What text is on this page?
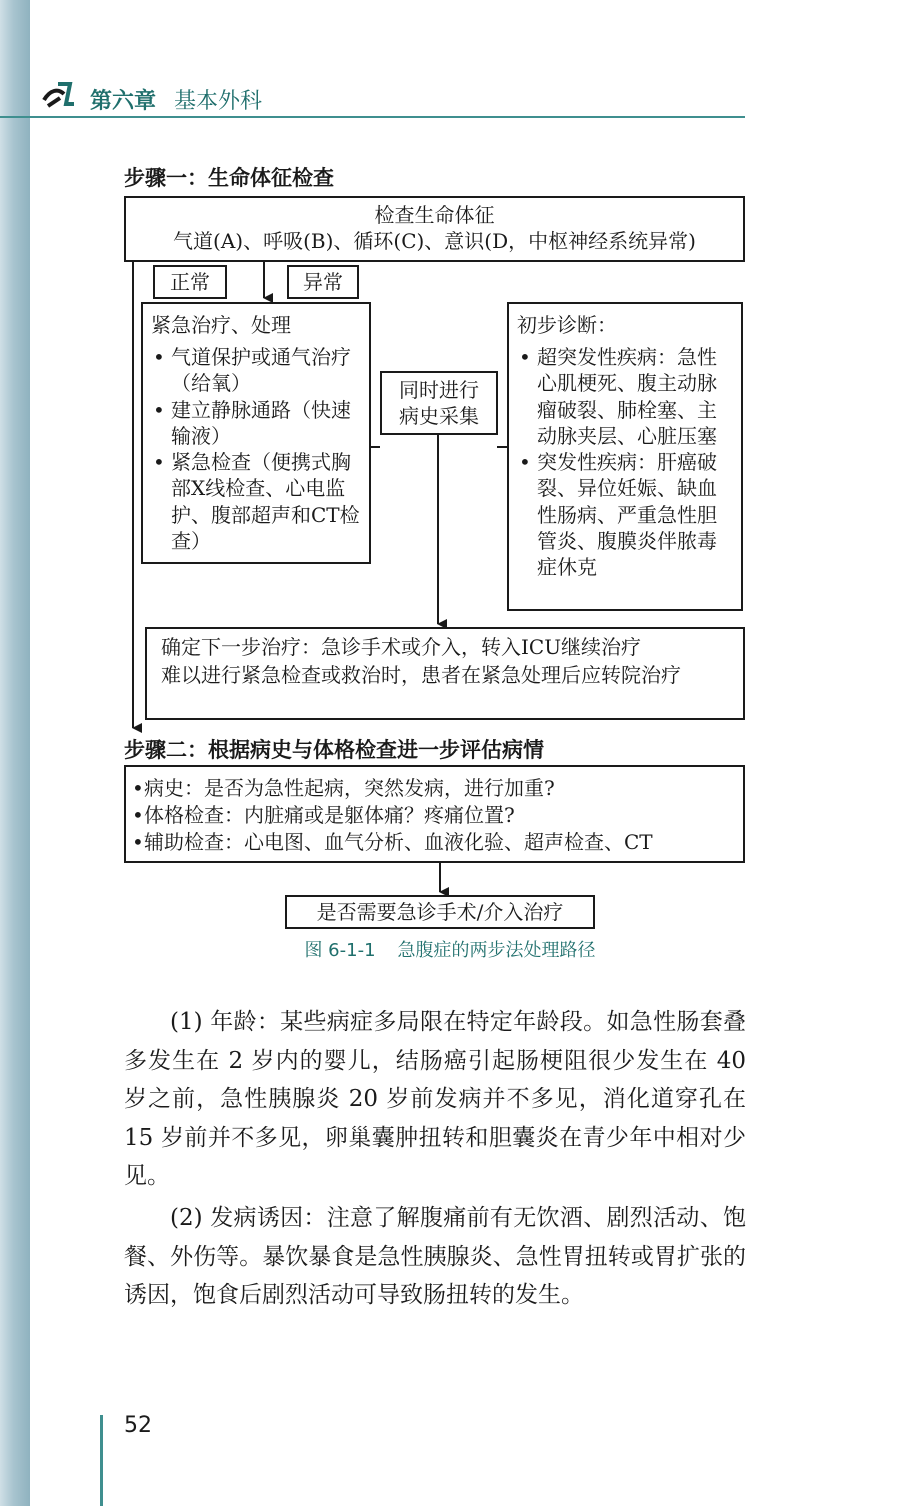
第六章 基本外科
步骤一：生命体征检查
检查生命体征
气道(A)、呼吸(B)、循环(C)、意识(D，中枢神经系统异常)
正常	异常
紧急治疗、处理
• 气道保护或通气治疗（给氧）
• 建立静脉通路（快速输液）
• 紧急检查（便携式胸部X线检查、心电监护、腹部超声和CT检查）
同时进行
病史采集
初步诊断：
• 超突发性疾病：急性心肌梗死、腹主动脉瘤破裂、肺栓塞、主动脉夹层、心脏压塞
• 突发性疾病：肝癌破裂、异位妊娠、缺血性肠病、严重急性胆管炎、腹膜炎伴脓毒症休克
确定下一步治疗：急诊手术或介入，转入ICU继续治疗
难以进行紧急检查或救治时，患者在紧急处理后应转院治疗
步骤二：根据病史与体格检查进一步评估病情
• 病史：是否为急性起病，突然发病，进行加重?
• 体格检查：内脏痛或是躯体痛？疼痛位置?
• 辅助检查：心电图、血气分析、血液化验、超声检查、CT
是否需要急诊手术/介入治疗
图 6-1-1 急腹症的两步法处理路径

(1) 年龄：某些病症多局限在特定年龄段。如急性肠套叠多发生在 2 岁内的婴儿，结肠癌引起肠梗阻很少发生在 40 岁之前，急性胰腺炎 20 岁前发病并不多见，消化道穿孔在 15 岁前并不多见，卵巢囊肿扭转和胆囊炎在青少年中相对少见。

(2) 发病诱因：注意了解腹痛前有无饮酒、剧烈活动、饱餐、外伤等。暴饮暴食是急性胰腺炎、急性胃扭转或胃扩张的诱因，饱食后剧烈活动可导致肠扭转的发生。

52
